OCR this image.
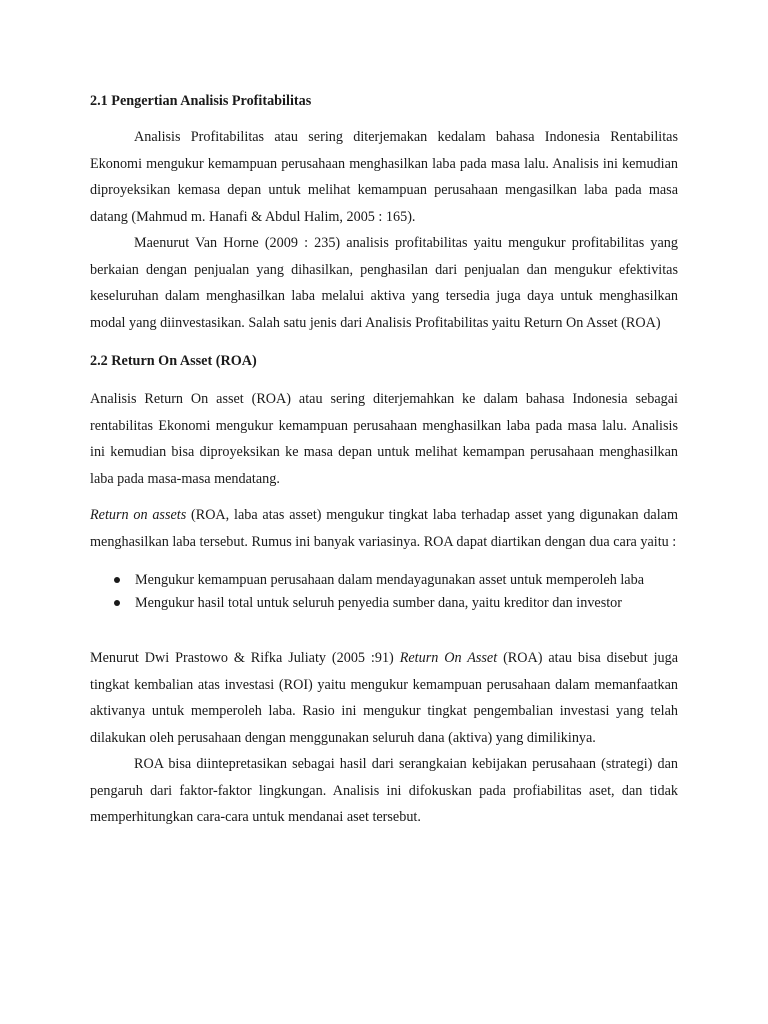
2.1 Pengertian Analisis Profitabilitas

Analisis Profitabilitas atau sering diterjemakan kedalam bahasa Indonesia Rentabilitas Ekonomi mengukur kemampuan perusahaan menghasilkan laba pada masa lalu. Analisis ini kemudian diproyeksikan kemasa depan untuk melihat kemampuan perusahaan mengasilkan laba pada masa datang (Mahmud m. Hanafi & Abdul Halim, 2005 : 165).

Maenurut Van Horne (2009 : 235) analisis profitabilitas yaitu mengukur profitabilitas yang berkaian dengan penjualan yang dihasilkan, penghasilan dari penjualan dan mengukur efektivitas keseluruhan dalam menghasilkan laba melalui aktiva yang tersedia juga daya untuk menghasilkan modal yang diinvestasikan. Salah satu jenis dari Analisis Profitabilitas yaitu Return On Asset (ROA)

2.2 Return On Asset (ROA)

Analisis Return On asset (ROA) atau sering diterjemahkan ke dalam bahasa Indonesia sebagai rentabilitas Ekonomi mengukur kemampuan perusahaan menghasilkan laba pada masa lalu. Analisis ini kemudian bisa diproyeksikan ke masa depan untuk melihat kemampan perusahaan menghasilkan laba pada masa-masa mendatang.

Return on assets (ROA, laba atas asset) mengukur tingkat laba terhadap asset yang digunakan dalam menghasilkan laba tersebut. Rumus ini banyak variasinya. ROA dapat diartikan dengan dua cara yaitu :

Mengukur kemampuan perusahaan dalam mendayagunakan asset untuk memperoleh laba
Mengukur hasil total untuk seluruh penyedia sumber dana, yaitu kreditor dan investor

Menurut Dwi Prastowo & Rifka Juliaty (2005 :91) Return On Asset (ROA) atau bisa disebut juga tingkat kembalian atas investasi (ROI) yaitu mengukur kemampuan perusahaan dalam memanfaatkan aktivanya untuk memperoleh laba. Rasio ini mengukur tingkat pengembalian investasi yang telah dilakukan oleh perusahaan dengan menggunakan seluruh dana (aktiva) yang dimilikinya.

ROA bisa diintepretasikan sebagai hasil dari serangkaian kebijakan perusahaan (strategi) dan pengaruh dari faktor-faktor lingkungan. Analisis ini difokuskan pada profiabilitas aset, dan tidak memperhitungkan cara-cara untuk mendanai aset tersebut.
